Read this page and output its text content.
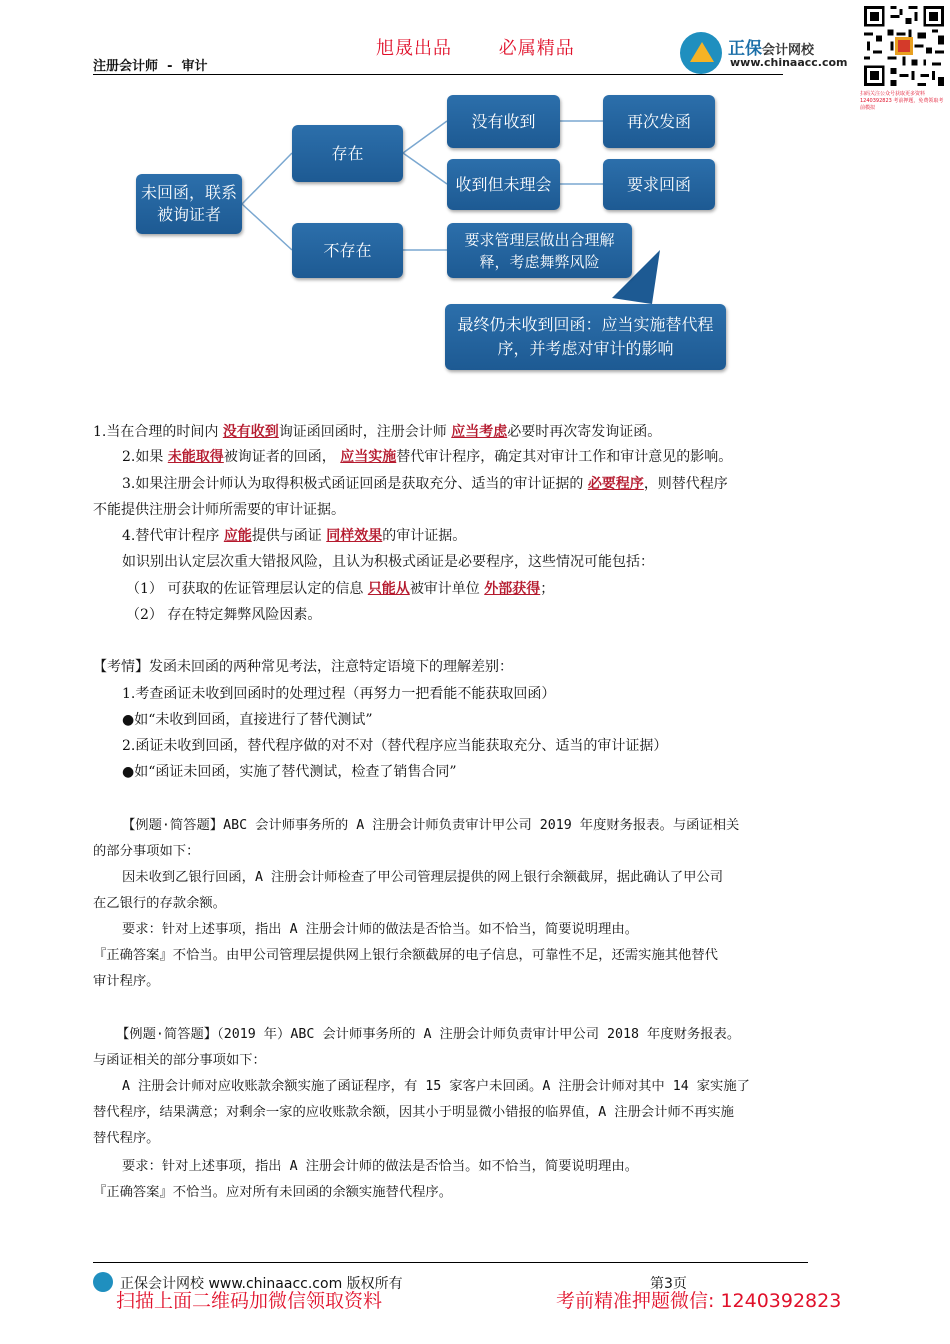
旭晟出品	必属精品
注册会计师 - 审计
正保会计网校
www.chinaacc.com
扫码关注公众号获取更多资料 1240392823 考前押题，免费领取考前模拟
未回函，联系被询证者
存在
不存在
没有收到
收到但未理会
再次发函
要求回函
要求管理层做出合理解释，考虑舞弊风险
最终仍未收到回函：应当实施替代程序，并考虑对审计的影响
1.当在合理的时间内 没有收到询证函回函时，注册会计师 应当考虑必要时再次寄发询证函。
2.如果 未能取得被询证者的回函， 应当实施替代审计程序，确定其对审计工作和审计意见的影响。
3.如果注册会计师认为取得积极式函证回函是获取充分、适当的审计证据的 必要程序，则替代程序
不能提供注册会计师所需要的审计证据。
4.替代审计程序 应能提供与函证 同样效果的审计证据。
如识别出认定层次重大错报风险，且认为积极式函证是必要程序，这些情况可能包括：
（1） 可获取的佐证管理层认定的信息 只能从被审计单位 外部获得；
（2） 存在特定舞弊风险因素。
【考情】发函未回函的两种常见考法，注意特定语境下的理解差别：
1.考查函证未收到回函时的处理过程（再努力一把看能不能获取回函）
●如“未收到回函，直接进行了替代测试”
2.函证未收到回函，替代程序做的对不对（替代程序应当能获取充分、适当的审计证据）
●如“函证未回函，实施了替代测试，检查了销售合同”
【例题·简答题】ABC 会计师事务所的 A 注册会计师负责审计甲公司 2019 年度财务报表。与函证相关
的部分事项如下：
因未收到乙银行回函，A 注册会计师检查了甲公司管理层提供的网上银行余额截屏，据此确认了甲公司
在乙银行的存款余额。
要求：针对上述事项，指出 A 注册会计师的做法是否恰当。如不恰当，简要说明理由。
『正确答案』不恰当。由甲公司管理层提供网上银行余额截屏的电子信息，可靠性不足，还需实施其他替代
审计程序。
【例题·简答题】（2019 年）ABC 会计师事务所的 A 注册会计师负责审计甲公司 2018 年度财务报表。
与函证相关的部分事项如下：
A 注册会计师对应收账款余额实施了函证程序，有 15 家客户未回函。A 注册会计师对其中 14 家实施了
替代程序，结果满意；对剩余一家的应收账款余额，因其小于明显微小错报的临界值，A 注册会计师不再实施
替代程序。
要求：针对上述事项，指出 A 注册会计师的做法是否恰当。如不恰当，简要说明理由。
『正确答案』不恰当。应对所有未回函的余额实施替代程序。
正保会计网校 www.chinaacc.com 版权所有	第3页
扫描上面二维码加微信领取资料	考前精准押题微信: 1240392823
